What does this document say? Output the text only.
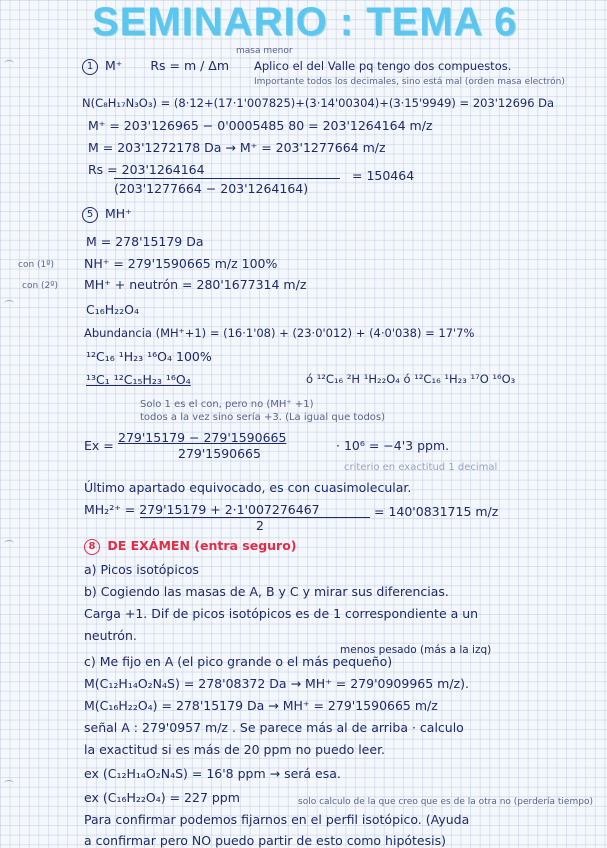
SEMINARIO : TEMA 6
1 M⁺ Rs = m / Δm
masa menor
Aplico el del Valle pq tengo dos compuestos.
Importante todos los decimales, sino está mal (orden masa electrón)
N(C₈H₁₇N₃O₃) = (8·12+(17·1'007825)+(3·14'00304)+(3·15'9949) = 203'12696 Da
M⁺ = 203'126965 − 0'0005485 80 = 203'1264164 m/z
M = 203'1272178 Da → M⁺ = 203'1277664 m/z
Rs = 203'1264164
(203'1277664 − 203'1264164)
= 150464
5 MH⁺
M = 278'15179 Da
con (1º) NH⁺ = 279'1590665 m/z 100%
con (2º) MH⁺ + neutrón = 280'1677314 m/z
C₁₆H₂₂O₄
Abundancia (MH⁺+1) = (16·1'08) + (23·0'012) + (4·0'038) = 17'7%
¹²C₁₆ ¹H₂₃ ¹⁶O₄ 100%
¹³C₁ ¹²C₁₅H₂₃ ¹⁶O₄	ó ¹²C₁₆ ²H ¹H₂₂O₄ ó ¹²C₁₆ ¹H₂₃ ¹⁷O ¹⁶O₃
Solo 1 es el con, pero no (MH⁺ +1)
todos a la vez sino sería +3. (La igual que todos)
Ex =
279'15179 − 279'1590665
279'1590665
· 10⁶ = −4'3 ppm.
criterio en exactitud 1 decimal
Último apartado equivocado, es con cuasimolecular.
MH₂²⁺ = 279'15179 + 2·1'007276467
2
= 140'0831715 m/z
8 DE EXÁMEN (entra seguro)
a) Picos isotópicos
b) Cogiendo las masas de A, B y C y mirar sus diferencias.
Carga +1. Dif de picos isotópicos es de 1 correspondiente a un
neutrón.
menos pesado (más a la izq)
c) Me fijo en A (el pico grande o el más pequeño)
M(C₁₂H₁₄O₂N₄S) = 278'08372 Da → MH⁺ = 279'0909965 m/z).
M(C₁₆H₂₂O₄) = 278'15179 Da → MH⁺ = 279'1590665 m/z
señal A : 279'0957 m/z . Se parece más al de arriba · calculo
la exactitud si es más de 20 ppm no puedo leer.
ex (C₁₂H₁₄O₂N₄S) = 16'8 ppm → será esa.
ex (C₁₆H₂₂O₄) = 227 ppm	solo calculo de la que creo que es de la otra no (perdería tiempo)
Para confirmar podemos fijarnos en el perfil isotópico. (Ayuda
a confirmar pero NO puedo partir de esto como hipótesis)
